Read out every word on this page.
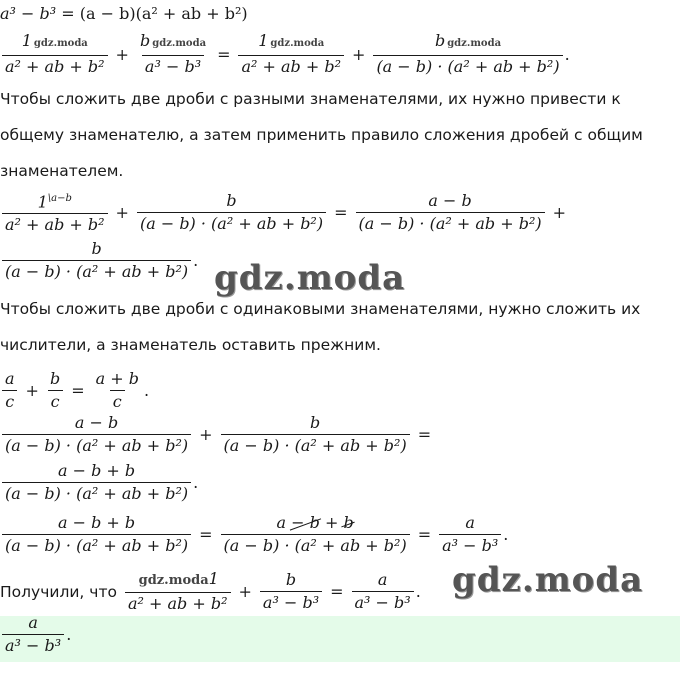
a³ − b³
= (a − b)(a² + ab + b²)
$\frac{\text{1 gdz.moda}}{\text{a² + ab + b²}} + \frac{\text{b gdz.moda}}{\text{a³ − b³}} = \frac{\text{1 gdz.moda}}{\text{a² + ab + b²}} + \frac{\text{b gdz.moda}}{\text{(a − b) · (a² + ab + b²)}}$ .
Чтобы сложить две дроби с разными знаменателями, их нужно привести к
общему знаменателю, а затем применить правило сложения дробей с общим
знаменателем.
$\frac{1^{\backslash a-b}}{\text{a² + ab + b²}} + \frac{b}{\text{(a − b) · (a² + ab + b²)}} = \frac{a - b}{\text{(a − b) · (a² + ab + b²)}}$ +
$\frac{b}{\text{(a − b) · (a² + ab + b²)}}$ . gdz.moda
Чтобы сложить две дроби с одинаковыми знаменателями, нужно сложить их
числители, а знаменатель оставить прежним.
$\frac{a}{c} + \frac{b}{c} = \frac{a + b}{c}$ .
$\frac{a - b}{\text{(a − b) · (a² + ab + b²)}} + \frac{b}{\text{(a − b) · (a² + ab + b²)}}$ =
$\frac{a - b + b}{\text{(a − b) · (a² + ab + b²)}}$ .
$\frac{a - b + b}{\text{(a − b) · (a² + ab + b²)}} = \frac{a - b + b}{\text{(a − b) · (a² + ab + b²)}} = \frac{a}{\text{a³ − b³}}$ .
gdz.moda
Получили, что $\frac{\text{gdz.moda1}}{\text{a² + ab + b²}} + \frac{b}{\text{a³ − b³}} = \frac{a}{\text{a³ − b³}}$ .
$\frac{a}{\text{a³ − b³}}$ .
